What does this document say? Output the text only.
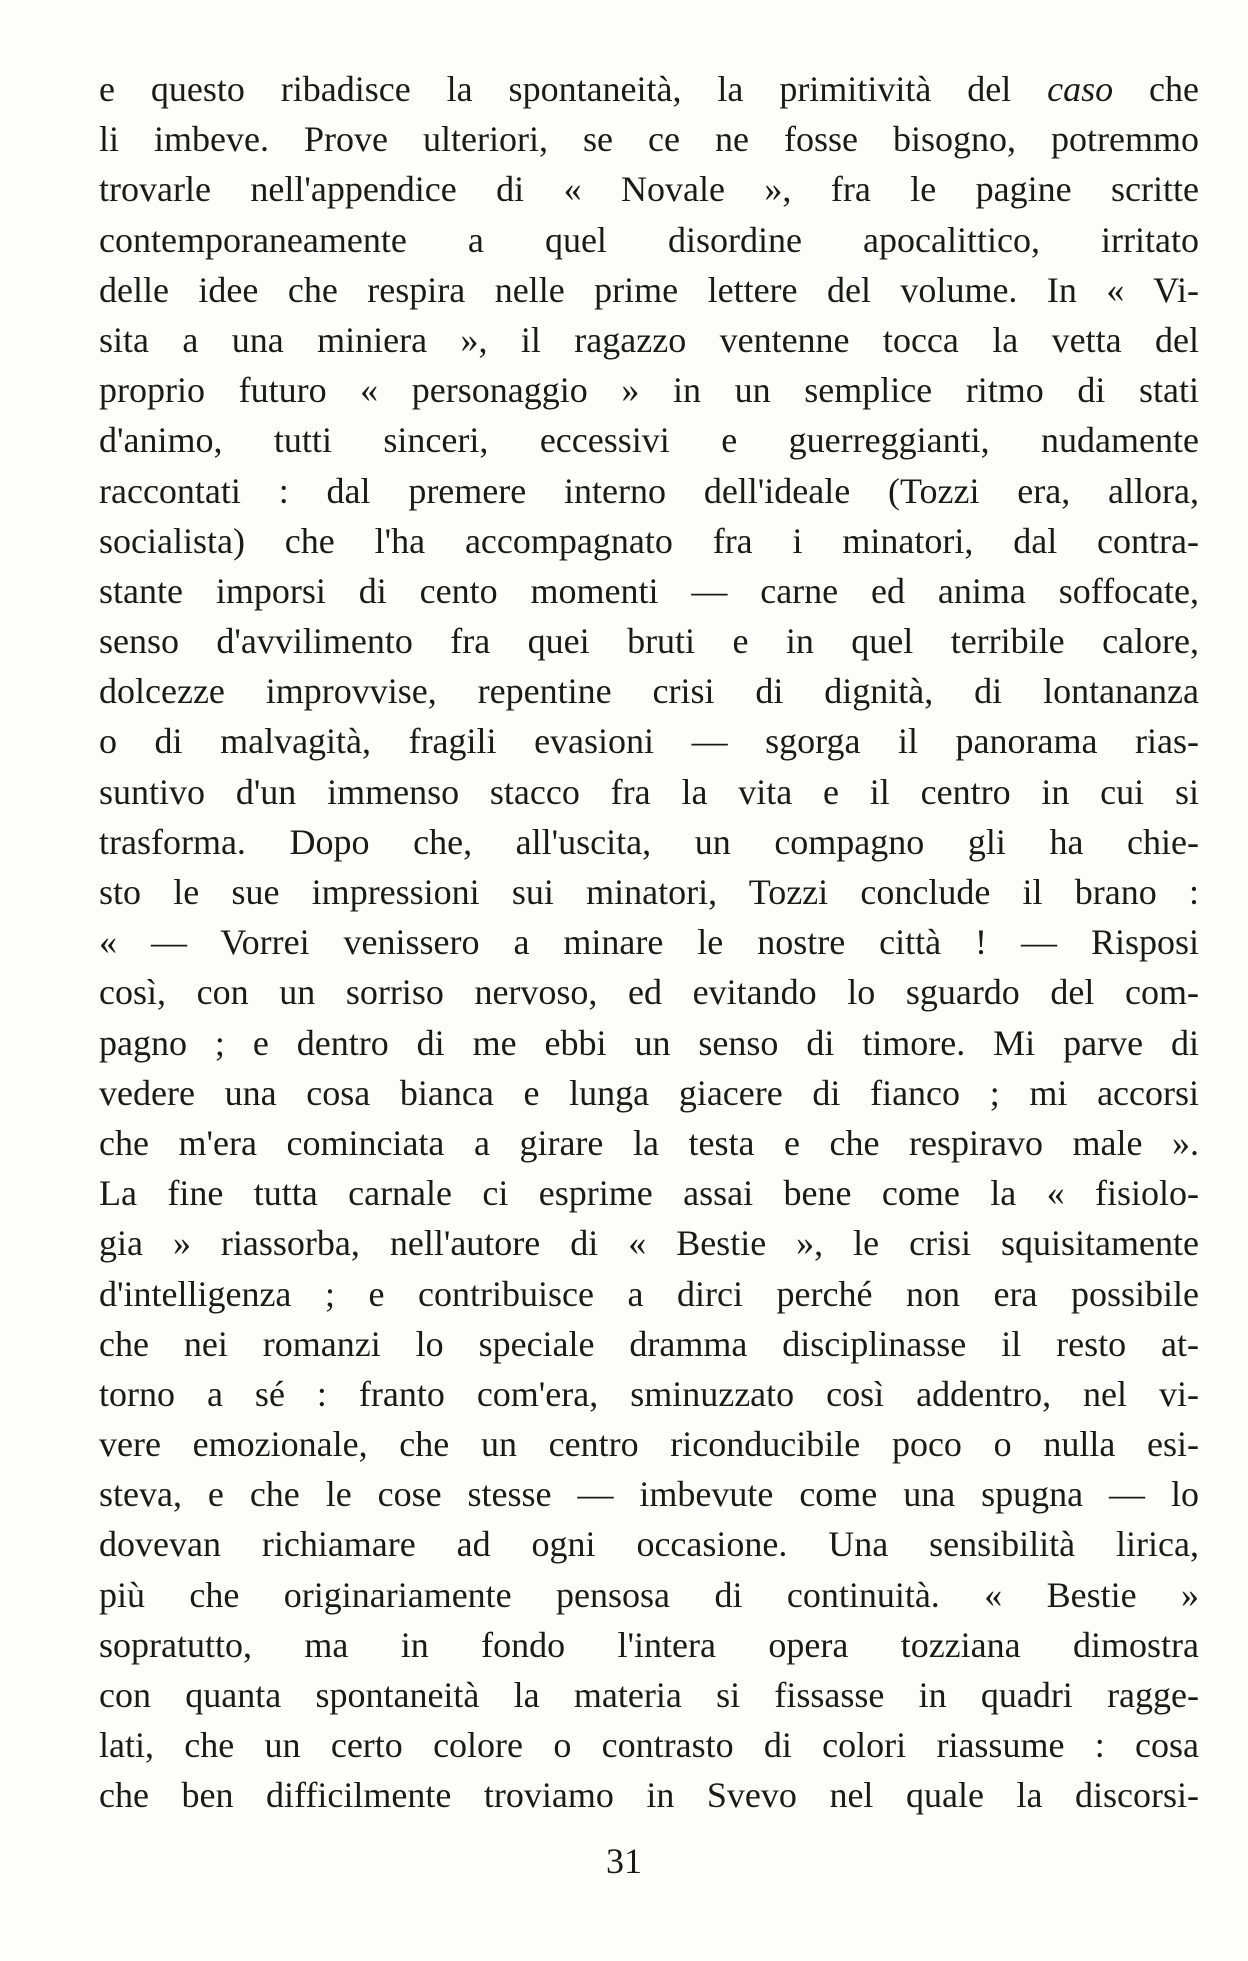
e questo ribadisce la spontaneità, la primitività del caso che
li imbeve. Prove ulteriori, se ce ne fosse bisogno, potremmo
trovarle nell'appendice di « Novale », fra le pagine scritte
contemporaneamente a quel disordine apocalittico, irritato
delle idee che respira nelle prime lettere del volume. In « Vi-
sita a una miniera », il ragazzo ventenne tocca la vetta del
proprio futuro « personaggio » in un semplice ritmo di stati
d'animo, tutti sinceri, eccessivi e guerreggianti, nudamente
raccontati : dal premere interno dell'ideale (Tozzi era, allora,
socialista) che l'ha accompagnato fra i minatori, dal contra-
stante imporsi di cento momenti — carne ed anima soffocate,
senso d'avvilimento fra quei bruti e in quel terribile calore,
dolcezze improvvise, repentine crisi di dignità, di lontananza
o di malvagità, fragili evasioni — sgorga il panorama rias-
suntivo d'un immenso stacco fra la vita e il centro in cui si
trasforma. Dopo che, all'uscita, un compagno gli ha chie-
sto le sue impressioni sui minatori, Tozzi conclude il brano :
« — Vorrei venissero a minare le nostre città ! — Risposi
così, con un sorriso nervoso, ed evitando lo sguardo del com-
pagno ; e dentro di me ebbi un senso di timore. Mi parve di
vedere una cosa bianca e lunga giacere di fianco ; mi accorsi
che m'era cominciata a girare la testa e che respiravo male ».
La fine tutta carnale ci esprime assai bene come la « fisiolo-
gia » riassorba, nell'autore di « Bestie », le crisi squisitamente
d'intelligenza ; e contribuisce a dirci perché non era possibile
che nei romanzi lo speciale dramma disciplinasse il resto at-
torno a sé : franto com'era, sminuzzato così addentro, nel vi-
vere emozionale, che un centro riconducibile poco o nulla esi-
steva, e che le cose stesse — imbevute come una spugna — lo
dovevan richiamare ad ogni occasione. Una sensibilità lirica,
più che originariamente pensosa di continuità. « Bestie »
sopratutto, ma in fondo l'intera opera tozziana dimostra
con quanta spontaneità la materia si fissasse in quadri ragge-
lati, che un certo colore o contrasto di colori riassume : cosa
che ben difficilmente troviamo in Svevo nel quale la discorsi-
31
